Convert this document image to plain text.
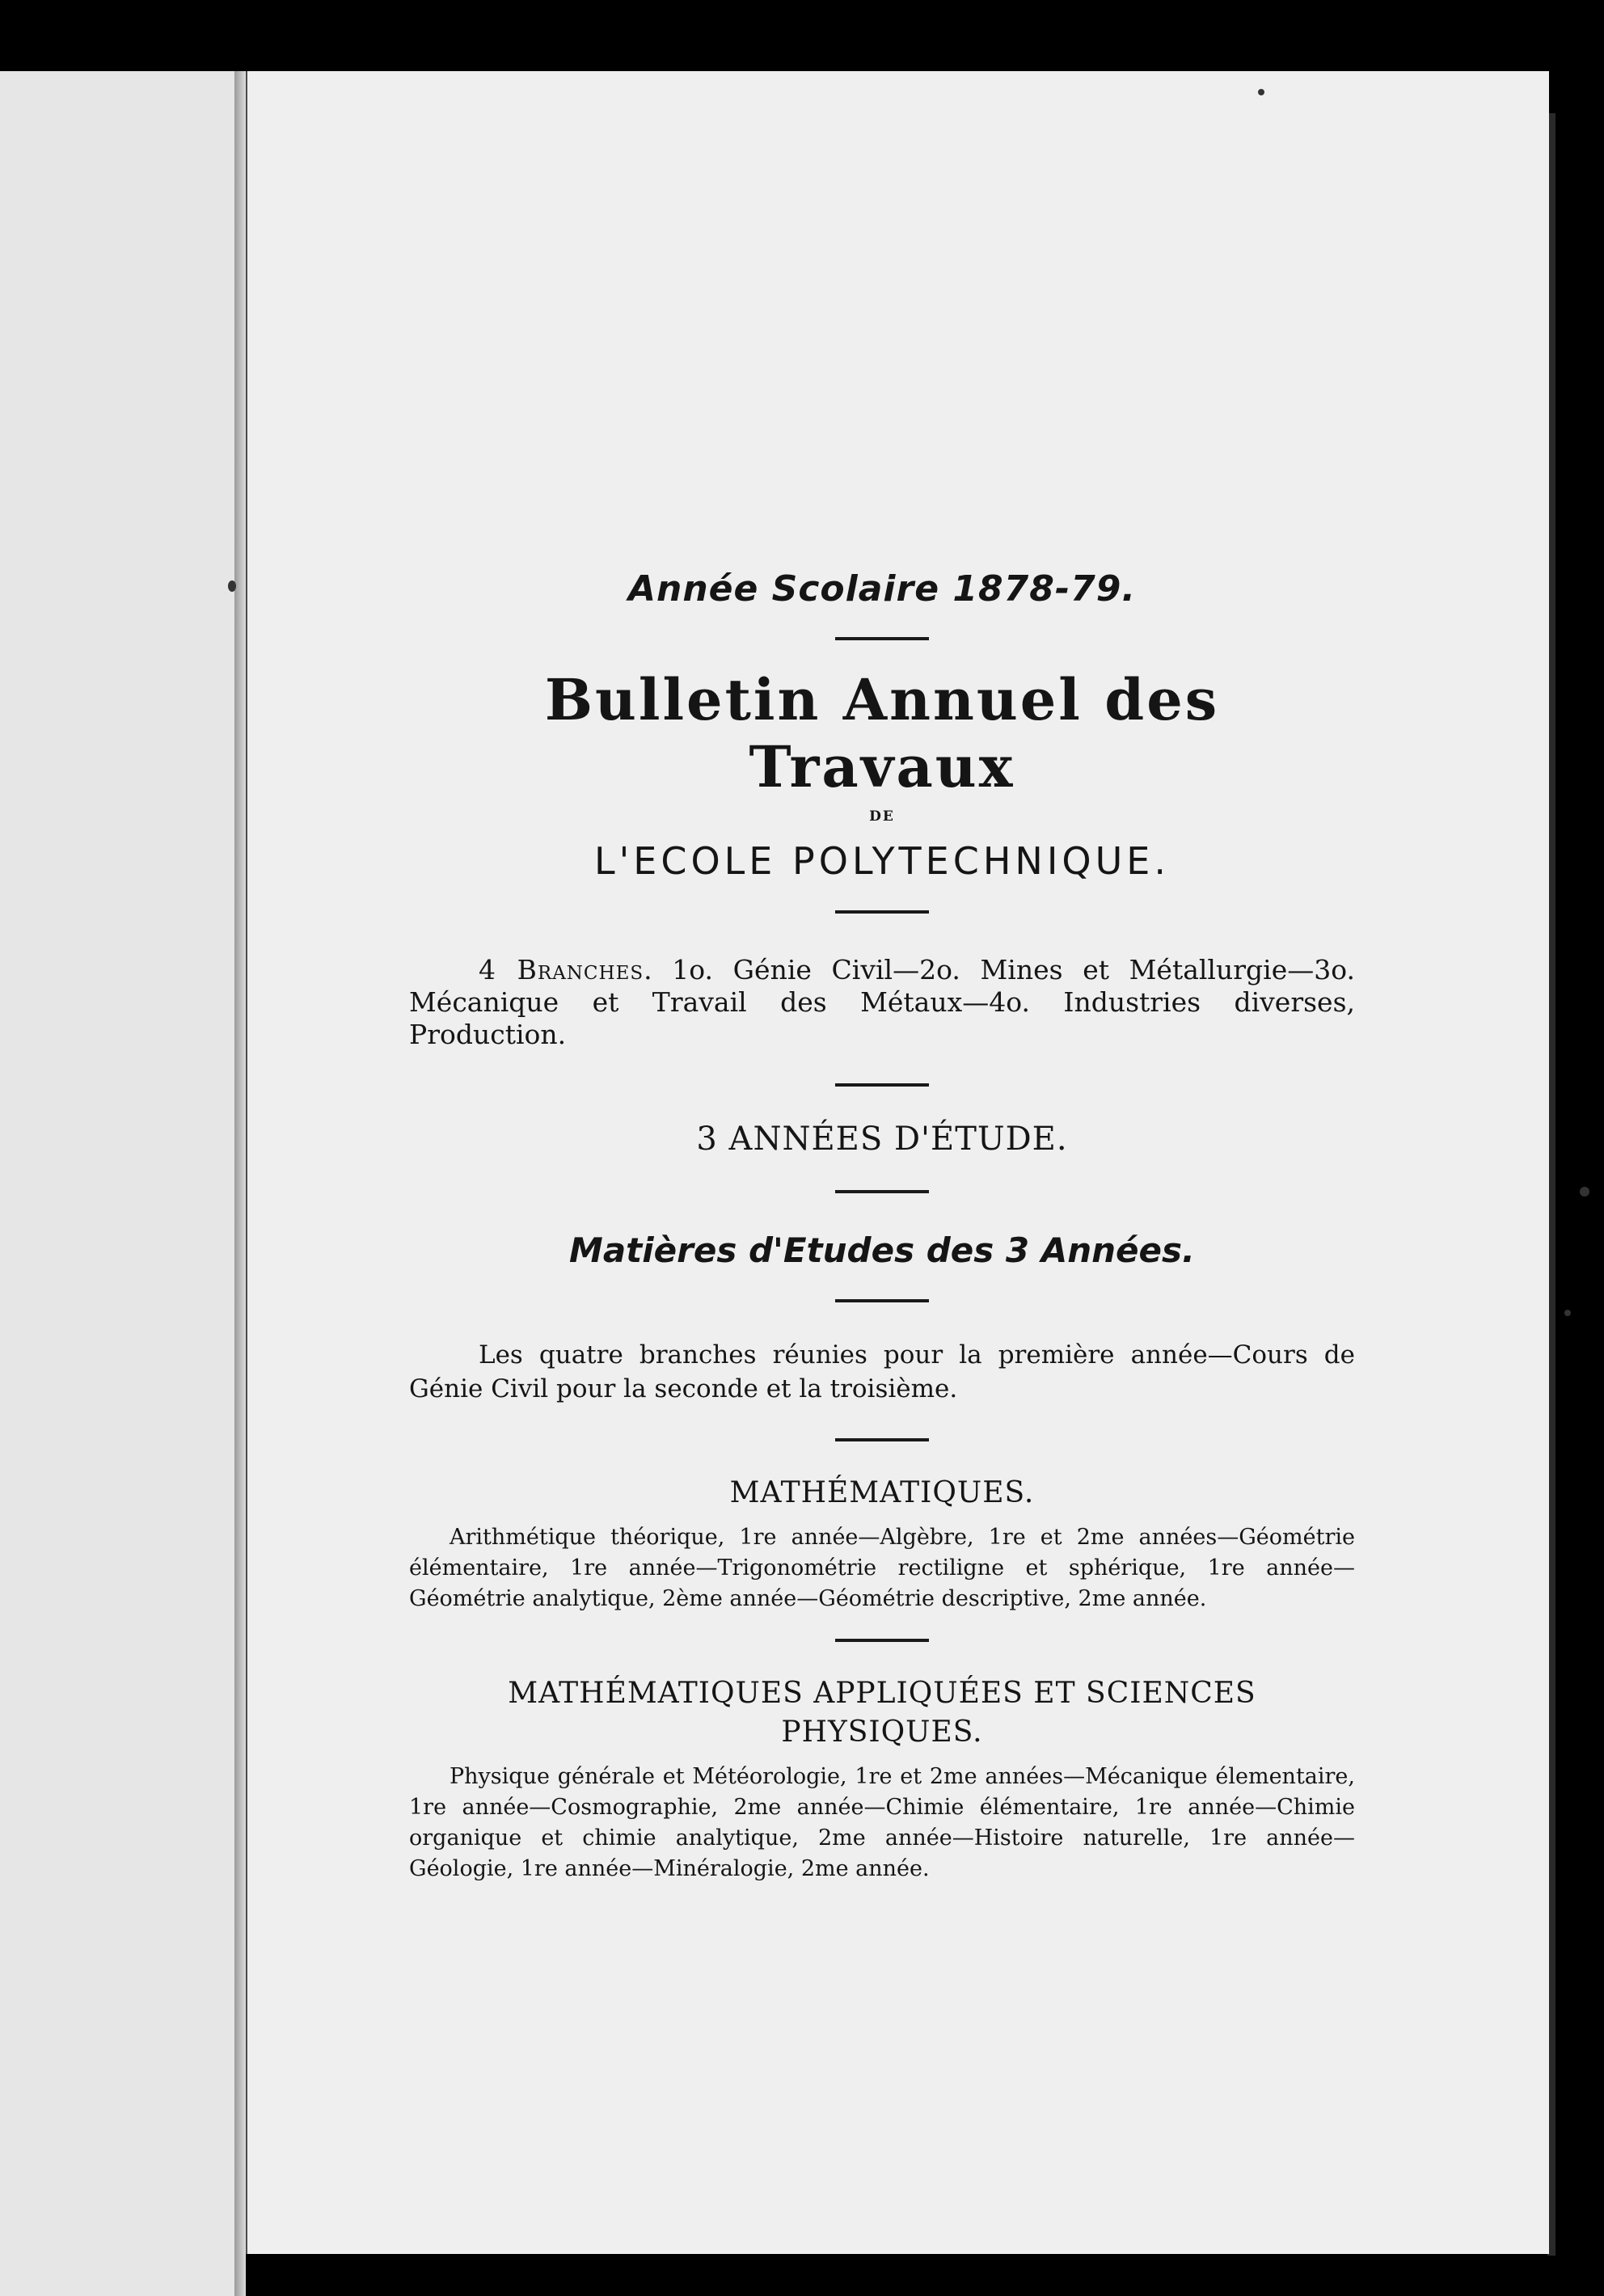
Année Scolaire 1878-79.
Bulletin Annuel des Travaux
DE
L'ECOLE POLYTECHNIQUE.
4 Branches. 1o. Génie Civil—2o. Mines et Métallurgie—3o. Mécanique et Travail des Métaux—4o. Industries diverses, Production.
3 ANNÉES D'ÉTUDE.
Matières d'Etudes des 3 Années.
Les quatre branches réunies pour la première année—Cours de Génie Civil pour la seconde et la troisième.
MATHÉMATIQUES.
Arithmétique théorique, 1re année—Algèbre, 1re et 2me années—Géométrie élémentaire, 1re année—Trigonométrie rectiligne et sphérique, 1re année—Géométrie analytique, 2ème année—Géométrie descriptive, 2me année.
MATHÉMATIQUES APPLIQUÉES ET SCIENCES PHYSIQUES.
Physique générale et Météorologie, 1re et 2me années—Mécanique élementaire, 1re année—Cosmographie, 2me année—Chimie élémentaire, 1re année—Chimie organique et chimie analytique, 2me année—Histoire naturelle, 1re année—Géologie, 1re année—Minéralogie, 2me année.
